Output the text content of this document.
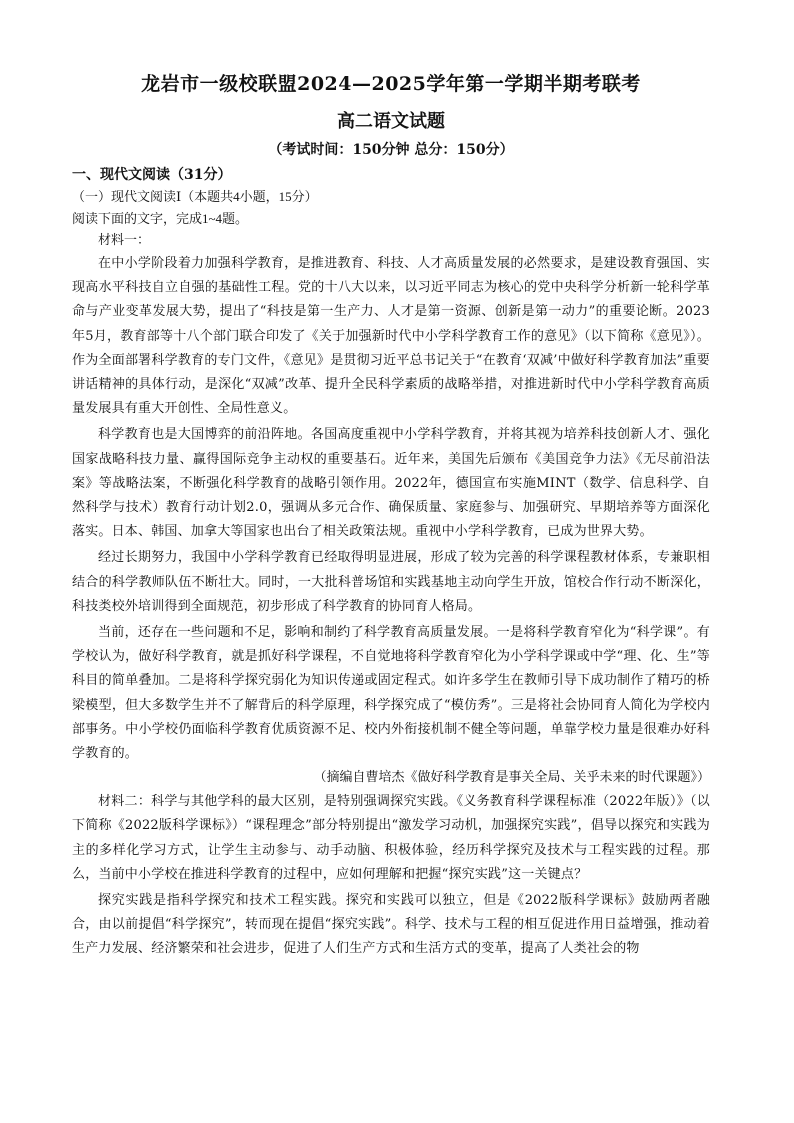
龙岩市一级校联盟2024—2025学年第一学期半期考联考
高二语文试题

（考试时间：150分钟 总分：150分）

一、现代文阅读（31分）

（一）现代文阅读Ⅰ（本题共4小题，15分）

阅读下面的文字，完成1~4题。

材料一：

在中小学阶段着力加强科学教育，是推进教育、科技、人才高质量发展的必然要求，是建设教育强国、实现高水平科技自立自强的基础性工程。党的十八大以来，以习近平同志为核心的党中央科学分析新一轮科学革命与产业变革发展大势，提出了“科技是第一生产力、人才是第一资源、创新是第一动力”的重要论断。2023年5月，教育部等十八个部门联合印发了《关于加强新时代中小学科学教育工作的意见》（以下简称《意见》）。作为全面部署科学教育的专门文件，《意见》是贯彻习近平总书记关于“在教育‘双减’中做好科学教育加法”重要讲话精神的具体行动，是深化“双减”改革、提升全民科学素质的战略举措，对推进新时代中小学科学教育高质量发展具有重大开创性、全局性意义。

科学教育也是大国博弈的前沿阵地。各国高度重视中小学科学教育，并将其视为培养科技创新人才、强化国家战略科技力量、赢得国际竞争主动权的重要基石。近年来，美国先后颁布《美国竞争力法》《无尽前沿法案》等战略法案，不断强化科学教育的战略引领作用。2022年，德国宣布实施MINT（数学、信息科学、自然科学与技术）教育行动计划2.0，强调从多元合作、确保质量、家庭参与、加强研究、早期培养等方面深化落实。日本、韩国、加拿大等国家也出台了相关政策法规。重视中小学科学教育，已成为世界大势。

经过长期努力，我国中小学科学教育已经取得明显进展，形成了较为完善的科学课程教材体系，专兼职相结合的科学教师队伍不断壮大。同时，一大批科普场馆和实践基地主动向学生开放，馆校合作行动不断深化，科技类校外培训得到全面规范，初步形成了科学教育的协同育人格局。

当前，还存在一些问题和不足，影响和制约了科学教育高质量发展。一是将科学教育窄化为“科学课”。有学校认为，做好科学教育，就是抓好科学课程，不自觉地将科学教育窄化为小学科学课或中学“理、化、生”等科目的简单叠加。二是将科学探究弱化为知识传递或固定程式。如许多学生在教师引导下成功制作了精巧的桥梁模型，但大多数学生并不了解背后的科学原理，科学探究成了“模仿秀”。三是将社会协同育人简化为学校内部事务。中小学校仍面临科学教育优质资源不足、校内外衔接机制不健全等问题，单靠学校力量是很难办好科学教育的。

（摘编自曹培杰《做好科学教育是事关全局、关乎未来的时代课题》）

材料二：科学与其他学科的最大区别，是特别强调探究实践。《义务教育科学课程标准（2022年版）》（以下简称《2022版科学课标》）“课程理念”部分特别提出“激发学习动机，加强探究实践”，倡导以探究和实践为主的多样化学习方式，让学生主动参与、动手动脑、积极体验，经历科学探究及技术与工程实践的过程。那么，当前中小学校在推进科学教育的过程中，应如何理解和把握“探究实践”这一关键点？

探究实践是指科学探究和技术工程实践。探究和实践可以独立，但是《2022版科学课标》鼓励两者融合，由以前提倡“科学探究”，转而现在提倡“探究实践”。科学、技术与工程的相互促进作用日益增强，推动着生产力发展、经济繁荣和社会进步，促进了人们生产方式和生活方式的变革，提高了人类社会的物
